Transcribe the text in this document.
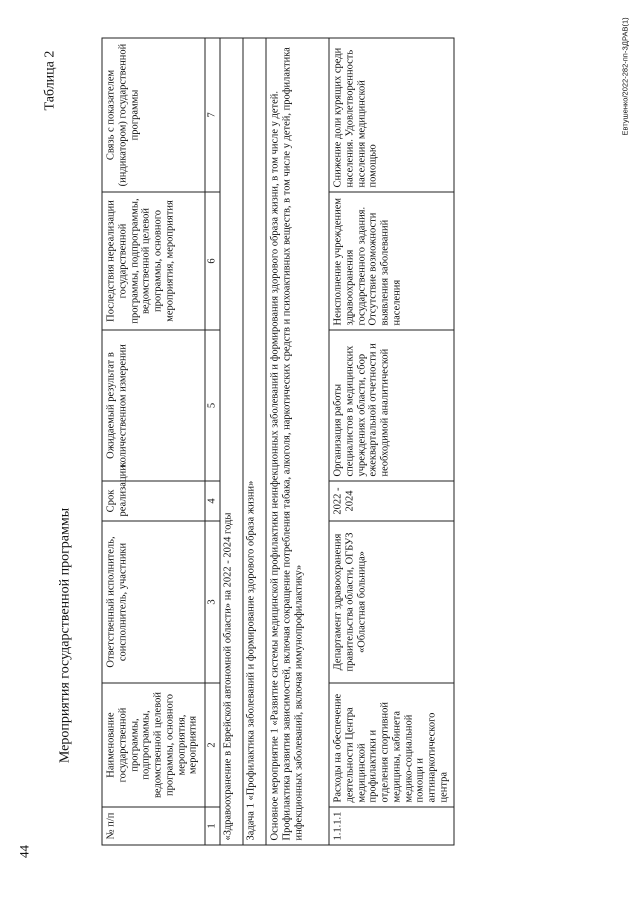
44
Мероприятия государственной программы
Таблица 2
№ п/п	Наименование государственной программы, подпрограммы, ведомственной целевой программы, основного мероприятия, мероприятия	Ответственный исполнитель, соисполнитель, участники	Срок реализации	Ожидаемый результат в количественном измерении	Последствия нереализации государственной программы, подпрограммы, ведомственной целевой программы, основного мероприятия, мероприятия	Связь с показателем (индикатором) государственной программы
1	2	3	4	5	6	7
«Здравоохранение в Еврейской автономной области» на 2022 - 2024 годы						
Задача 1 «Профилактика заболеваний и формирование здорового образа жизни»						
Основное мероприятие 1 «Развитие системы медицинской профилактики неинфекционных заболеваний и формирования здорового образа жизни, в том числе у детей. Профилактика развития зависимостей, включая сокращение потребления табака, алкоголя, наркотических средств и психоактивных веществ, в том числе у детей, профилактика инфекционных заболеваний, включая иммунопрофилактику»						
1.1.1.1	Расходы на обеспечение деятельности Центра медицинской профилактики и отделения спортивной медицины, кабинета медико-социальной помощи и антинаркотического центра	Департамент здравоохранения правительства области, ОГБУЗ «Областная больница»	2022 - 2024	Организация работы специалистов в медицинских учреждениях области, сбор ежеквартальной отчетности и необходимой аналитической	Неисполнение учреждением здравоохранения государственного задания. Отсутствие возможности выявления заболеваний населения	Снижение доли курящих среди населения. Удовлетворенность населения медицинской помощью
Евтушенко/2022-282-пп-ЗДРАВ(1)
